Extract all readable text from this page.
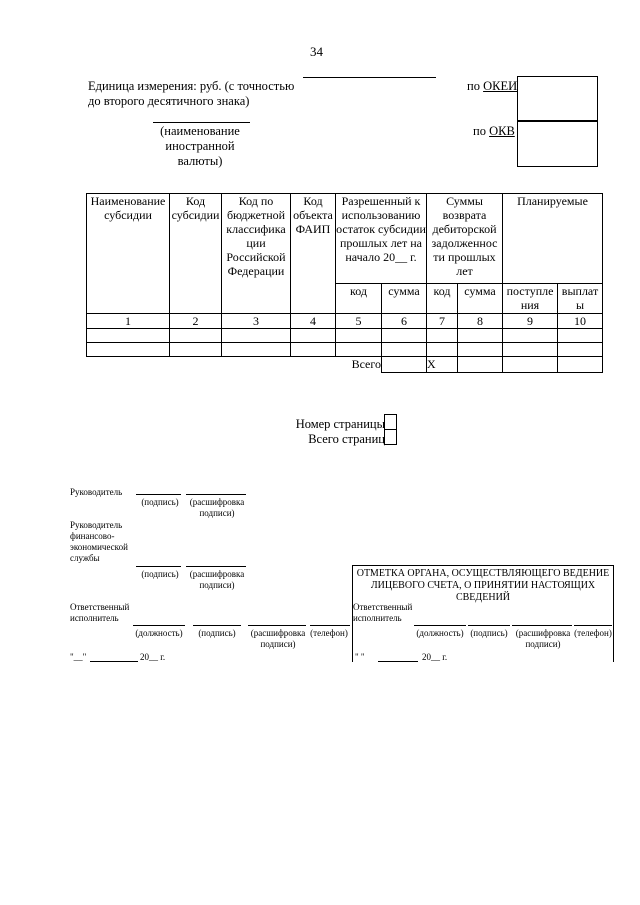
34
Единица измерения: руб. (с точностью
до второго десятичного знака)
по ОКЕИ
(наименование
иностранной
валюты)
по ОКВ
Наименование субсидии	Код субсидии	Код по бюджетной классифика ции Российской Федерации	Код объекта ФАИП	Разрешенный к использованию остаток субсидии прошлых лет на начало 20__ г.		Суммы возврата дебиторской задолженнос ти прошлых лет		Планируемые	
				код	сумма	код	сумма	поступле ния	выплат ы
1	2	3	4	5	6	7	8	9	10

				Всего		X			
Номер страницы
Всего страниц
Руководитель
(подпись)	(расшифровка подписи)
Руководитель финансово-экономической службы
(подпись)	(расшифровка подписи)
Ответственный исполнитель
(должность)	(подпись)	(расшифровка подписи)
(телефон)
"__"	20__ г.
ОТМЕТКА ОРГАНА, ОСУЩЕСТВЛЯЮЩЕГО ВЕДЕНИЕ ЛИЦЕВОГО СЧЕТА, О ПРИНЯТИИ НАСТОЯЩИХ СВЕДЕНИЙ
Ответственный исполнитель
(должность) (подпись) (расшифровка подписи)
(телефон)
" "	20__ г.
